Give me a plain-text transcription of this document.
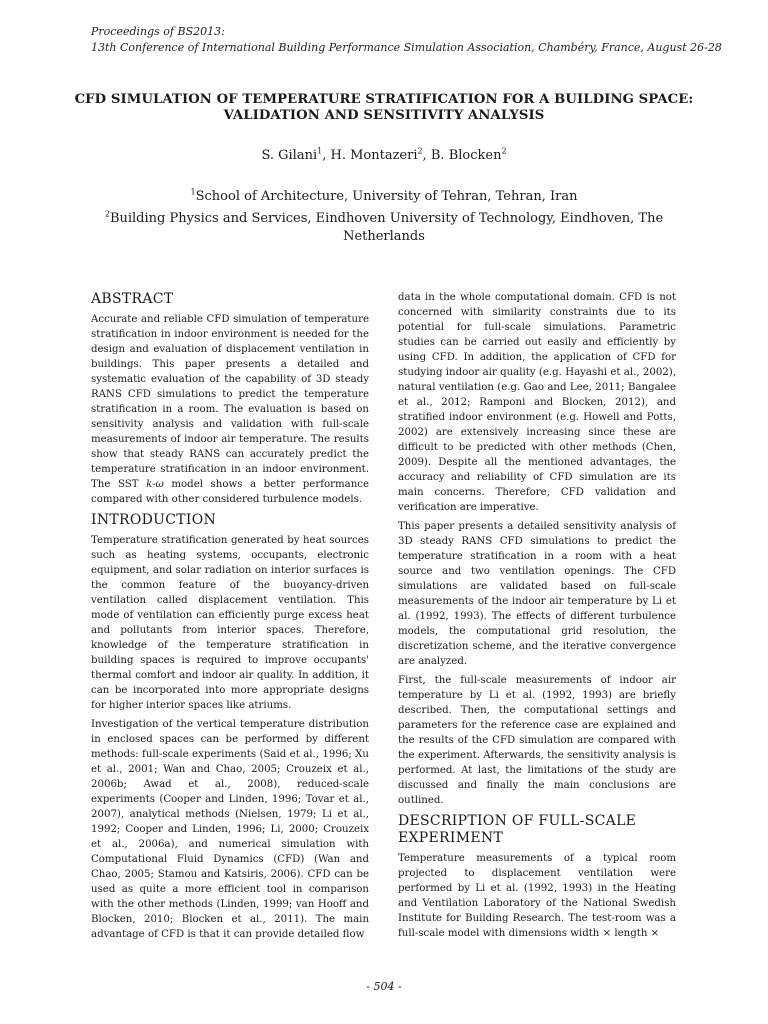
Proceedings of BS2013:
13th Conference of International Building Performance Simulation Association, Chambéry, France, August 26-28
CFD SIMULATION OF TEMPERATURE STRATIFICATION FOR A BUILDING SPACE: VALIDATION AND SENSITIVITY ANALYSIS
S. Gilani$^1$, H. Montazeri$^2$, B. Blocken$^2$
$^1$School of Architecture, University of Tehran, Tehran, Iran
$^2$Building Physics and Services, Eindhoven University of Technology, Eindhoven, The Netherlands
ABSTRACT

Accurate and reliable CFD simulation of temperature stratification in indoor environment is needed for the design and evaluation of displacement ventilation in buildings. This paper presents a detailed and systematic evaluation of the capability of 3D steady RANS CFD simulations to predict the temperature stratification in a room. The evaluation is based on sensitivity analysis and validation with full-scale measurements of indoor air temperature. The results show that steady RANS can accurately predict the temperature stratification in an indoor environment. The SST k-ω model shows a better performance compared with other considered turbulence models.

INTRODUCTION

Temperature stratification generated by heat sources such as heating systems, occupants, electronic equipment, and solar radiation on interior surfaces is the common feature of the buoyancy-driven ventilation called displacement ventilation. This mode of ventilation can efficiently purge excess heat and pollutants from interior spaces. Therefore, knowledge of the temperature stratification in building spaces is required to improve occupants' thermal comfort and indoor air quality. In addition, it can be incorporated into more appropriate designs for higher interior spaces like atriums.

Investigation of the vertical temperature distribution in enclosed spaces can be performed by different methods: full-scale experiments (Said et al., 1996; Xu et al., 2001; Wan and Chao, 2005; Crouzeix et al., 2006b; Awad et al., 2008), reduced-scale experiments (Cooper and Linden, 1996; Tovar et al., 2007), analytical methods (Nielsen, 1979; Li et al., 1992; Cooper and Linden, 1996; Li, 2000; Crouzeix et al., 2006a), and numerical simulation with Computational Fluid Dynamics (CFD) (Wan and Chao, 2005; Stamou and Katsiris, 2006). CFD can be used as quite a more efficient tool in comparison with the other methods (Linden, 1999; van Hooff and Blocken, 2010; Blocken et al., 2011). The main advantage of CFD is that it can provide detailed flow

data in the whole computational domain. CFD is not concerned with similarity constraints due to its potential for full-scale simulations. Parametric studies can be carried out easily and efficiently by using CFD. In addition, the application of CFD for studying indoor air quality (e.g. Hayashi et al., 2002), natural ventilation (e.g. Gao and Lee, 2011; Bangalee et al., 2012; Ramponi and Blocken, 2012), and stratified indoor environment (e.g. Howell and Potts, 2002) are extensively increasing since these are difficult to be predicted with other methods (Chen, 2009). Despite all the mentioned advantages, the accuracy and reliability of CFD simulation are its main concerns. Therefore, CFD validation and verification are imperative.

This paper presents a detailed sensitivity analysis of 3D steady RANS CFD simulations to predict the temperature stratification in a room with a heat source and two ventilation openings. The CFD simulations are validated based on full-scale measurements of the indoor air temperature by Li et al. (1992, 1993). The effects of different turbulence models, the computational grid resolution, the discretization scheme, and the iterative convergence are analyzed.

First, the full-scale measurements of indoor air temperature by Li et al. (1992, 1993) are briefly described. Then, the computational settings and parameters for the reference case are explained and the results of the CFD simulation are compared with the experiment. Afterwards, the sensitivity analysis is performed. At last, the limitations of the study are discussed and finally the main conclusions are outlined.

DESCRIPTION OF FULL-SCALE
EXPERIMENT

Temperature measurements of a typical room projected to displacement ventilation were performed by Li et al. (1992, 1993) in the Heating and Ventilation Laboratory of the National Swedish Institute for Building Research. The test-room was a full-scale model with dimensions width × length ×

- 504 -
